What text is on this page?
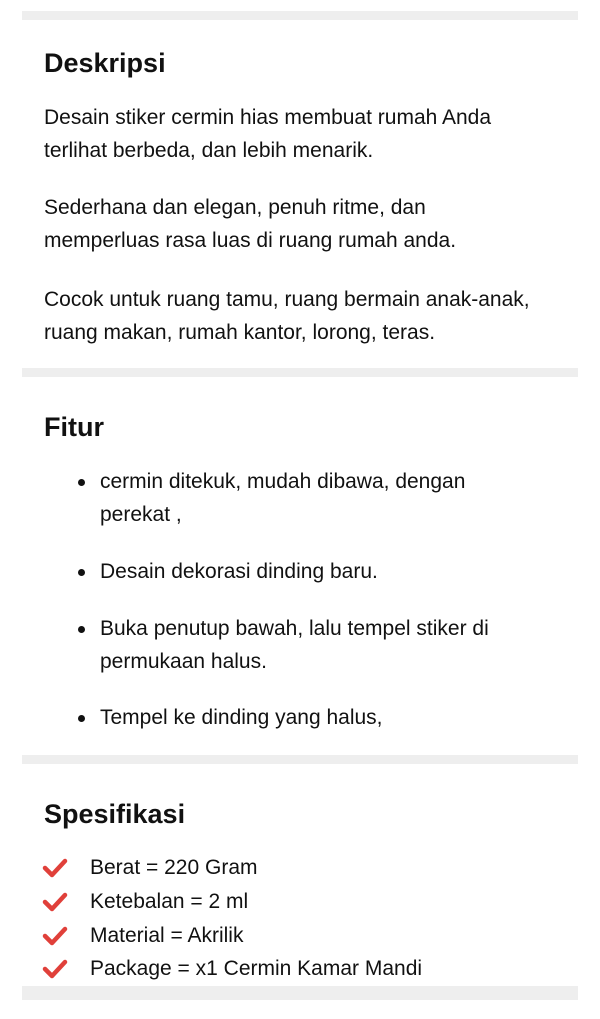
Deskripsi

Desain stiker cermin hias membuat rumah Anda terlihat berbeda, dan lebih menarik.

Sederhana dan elegan, penuh ritme, dan memperluas rasa luas di ruang rumah anda.

Cocok untuk ruang tamu, ruang bermain anak-anak, ruang makan, rumah kantor, lorong, teras.

Fitur
cermin ditekuk, mudah dibawa, dengan perekat ,
Desain dekorasi dinding baru.
Buka penutup bawah, lalu tempel stiker di permukaan halus.
Tempel ke dinding yang halus,
Spesifikasi
Berat = 220 Gram
Ketebalan = 2 ml
Material = Akrilik
Package = x1 Cermin Kamar Mandi
